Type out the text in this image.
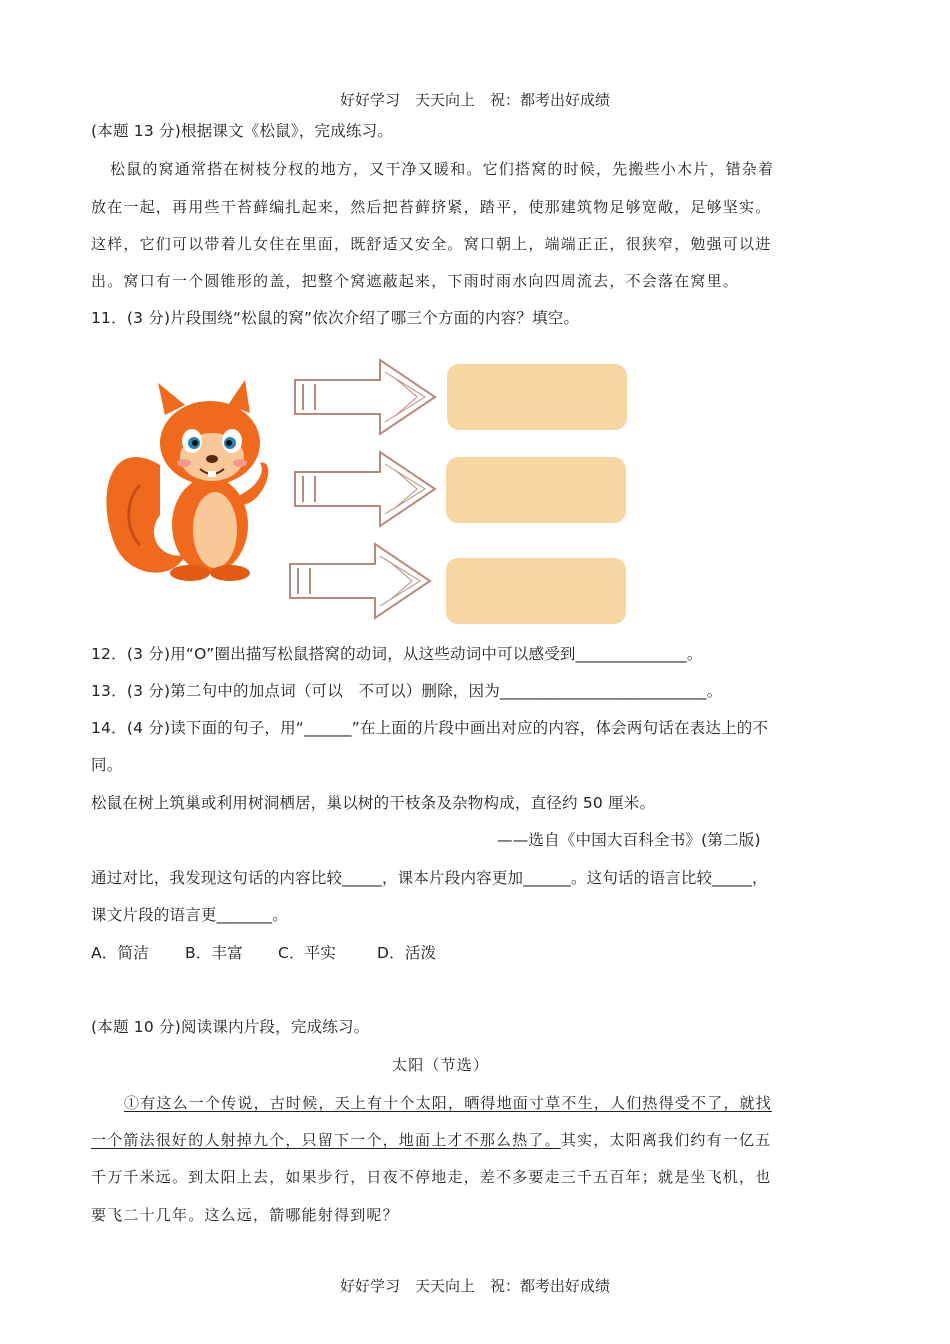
好好学习　天天向上　祝：都考出好成绩
(本题 13 分)根据课文《松鼠》，完成练习。
松鼠的窝通常搭在树枝分杈的地方，又干净又暖和。它们搭窝的时候，先搬些小木片，错杂着
放在一起，再用些干苔藓编扎起来，然后把苔藓挤紧，踏平，使那建筑物足够宽敞，足够坚实。
这样，它们可以带着儿女住在里面，既舒适又安全。窝口朝上，端端正正，很狭窄，勉强可以进
出。窝口有一个圆锥形的盖，把整个窝遮蔽起来，下雨时雨水向四周流去，不会落在窝里。
11．(3 分)片段围绕“松鼠的窝”依次介绍了哪三个方面的内容？填空。
12．(3 分)用“O”圈出描写松鼠搭窝的动词，从这些动词中可以感受到______________。
13．(3 分)第二句中的加点词（可以　不可以）删除，因为__________________________。
14．(4 分)读下面的句子，用“______”在上面的片段中画出对应的内容，体会两句话在表达上的不
同。
松鼠在树上筑巢或利用树洞栖居，巢以树的干枝条及杂物构成，直径约 50 厘米。
——选自《中国大百科全书》(第二版)
通过对比，我发现这句话的内容比较_____，课本片段内容更加______。这句话的语言比较_____，
课文片段的语言更_______。
A．简洁 B．丰富 C．平实	D．活泼
(本题 10 分)阅读课内片段，完成练习。
太阳（节选）
①有这么一个传说，古时候，天上有十个太阳，晒得地面寸草不生，人们热得受不了，就找
一个箭法很好的人射掉九个，只留下一个，地面上才不那么热了。其实，太阳离我们约有一亿五
千万千米远。到太阳上去，如果步行，日夜不停地走，差不多要走三千五百年；就是坐飞机，也
要飞二十几年。这么远，箭哪能射得到呢？
好好学习　天天向上　祝：都考出好成绩
